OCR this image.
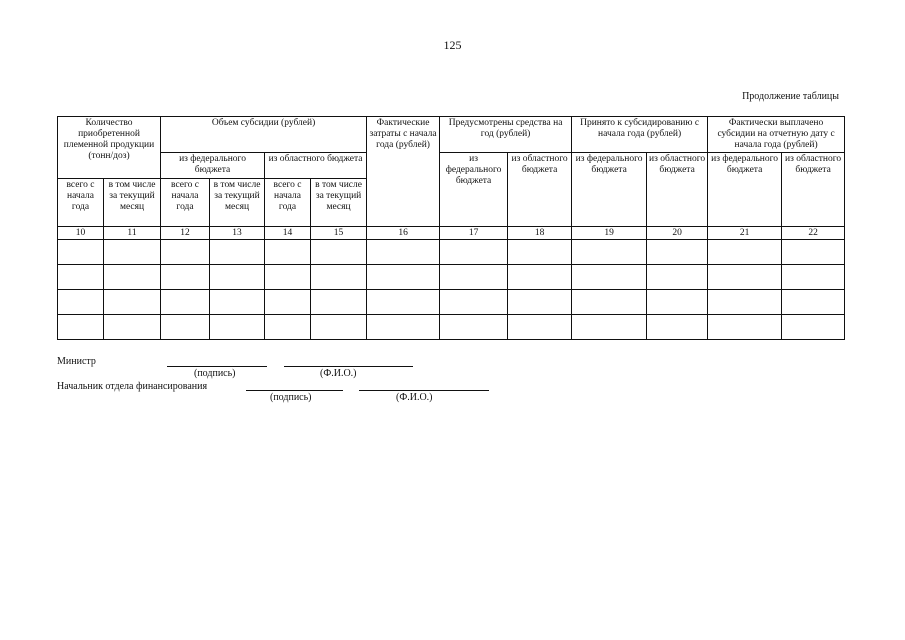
125
Продолжение таблицы
Количество приобретенной племенной продукции (тонн/доз)		Объем субсидии (рублей)				Фактические затраты с начала года (рублей)	Предусмотрены средства на год (рублей)		Принято к субсидированию с начала года (рублей)		Фактически выплачено субсидии на отчетную дату с начала года (рублей)	
		из федерального бюджета		из областного бюджета			из федерального бюджета	из областного бюджета	из федерального бюджета	из областного бюджета	из федерального бюджета	из областного бюджета
всего с начала года	в том числе за текущий месяц	всего с начала года	в том числе за текущий месяц	всего с начала года	в том числе за текущий месяц							
10	11	12	13	14	15	16	17	18	19	20	21	22

Министр
(подпись)	(Ф.И.О.)
Начальник отдела финансирования
(подпись)	(Ф.И.О.)
